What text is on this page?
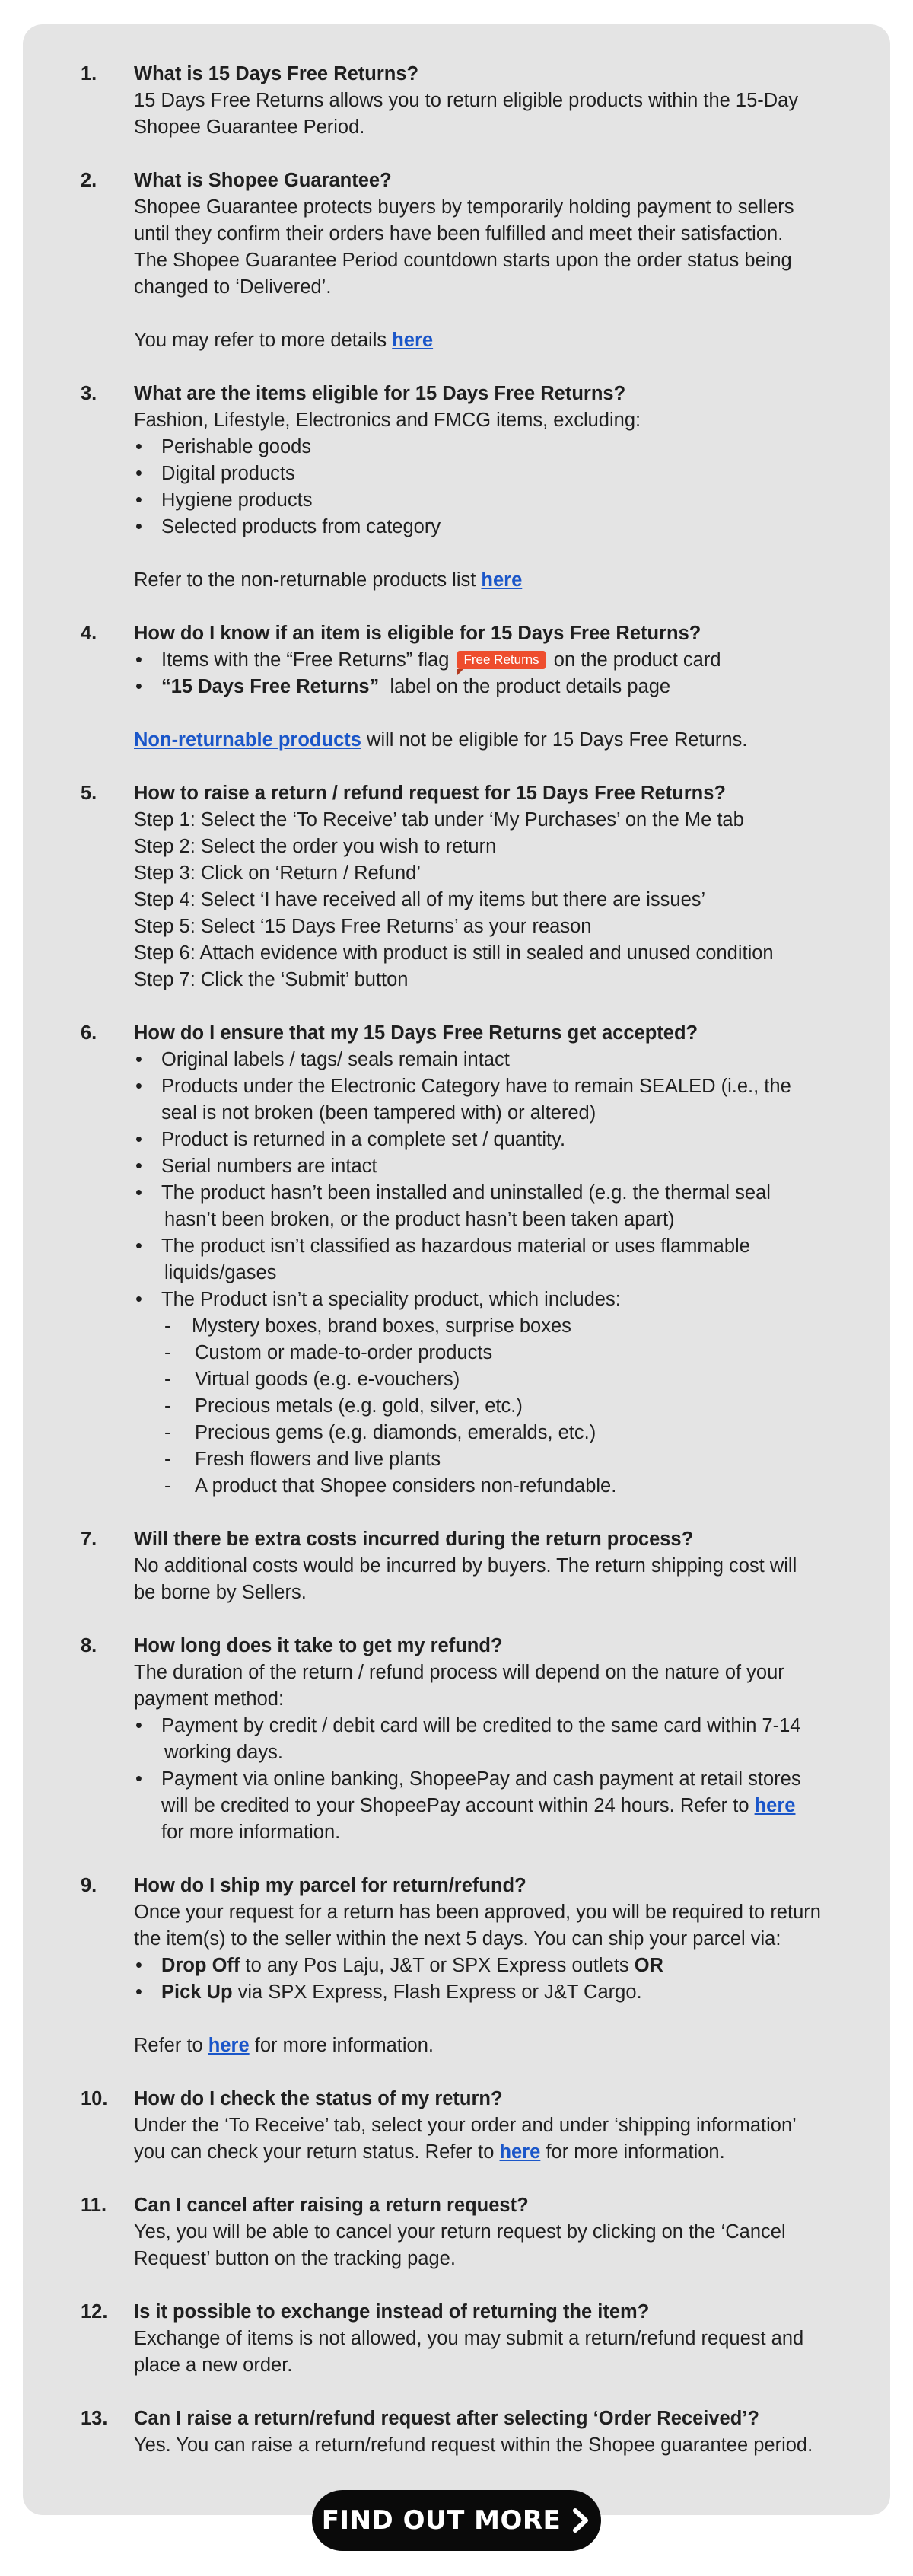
1. What is 15 Days Free Returns?
15 Days Free Returns allows you to return eligible products within the 15-Day
Shopee Guarantee Period.
2. What is Shopee Guarantee?
Shopee Guarantee protects buyers by temporarily holding payment to sellers
until they confirm their orders have been fulfilled and meet their satisfaction.
The Shopee Guarantee Period countdown starts upon the order status being
changed to ‘Delivered’.
You may refer to more details here
3. What are the items eligible for 15 Days Free Returns?
Fashion, Lifestyle, Electronics and FMCG items, excluding:
• Perishable goods
• Digital products
• Hygiene products
• Selected products from category
Refer to the non-returnable products list here
4. How do I know if an item is eligible for 15 Days Free Returns?
• Items with the “Free Returns” flag Free Returns on the product card
• “15 Days Free Returns” label on the product details page
Non-returnable products will not be eligible for 15 Days Free Returns.
5. How to raise a return / refund request for 15 Days Free Returns?
Step 1: Select the ‘To Receive’ tab under ‘My Purchases’ on the Me tab
Step 2: Select the order you wish to return
Step 3: Click on ‘Return / Refund’
Step 4: Select ‘I have received all of my items but there are issues’
Step 5: Select ‘15 Days Free Returns’ as your reason
Step 6: Attach evidence with product is still in sealed and unused condition
Step 7: Click the ‘Submit’ button
6. How do I ensure that my 15 Days Free Returns get accepted?
• Original labels / tags/ seals remain intact
• Products under the Electronic Category have to remain SEALED (i.e., the
seal is not broken (been tampered with) or altered)
• Product is returned in a complete set / quantity.
• Serial numbers are intact
• The product hasn’t been installed and uninstalled (e.g. the thermal seal
hasn’t been broken, or the product hasn’t been taken apart)
• The product isn’t classified as hazardous material or uses flammable
liquids/gases
• The Product isn’t a speciality product, which includes:
- Mystery boxes, brand boxes, surprise boxes
- Custom or made-to-order products
- Virtual goods (e.g. e-vouchers)
- Precious metals (e.g. gold, silver, etc.)
- Precious gems (e.g. diamonds, emeralds, etc.)
- Fresh flowers and live plants
- A product that Shopee considers non-refundable.
7. Will there be extra costs incurred during the return process?
No additional costs would be incurred by buyers. The return shipping cost will
be borne by Sellers.
8. How long does it take to get my refund?
The duration of the return / refund process will depend on the nature of your
payment method:
• Payment by credit / debit card will be credited to the same card within 7-14
working days.
• Payment via online banking, ShopeePay and cash payment at retail stores
will be credited to your ShopeePay account within 24 hours. Refer to here
for more information.
9. How do I ship my parcel for return/refund?
Once your request for a return has been approved, you will be required to return
the item(s) to the seller within the next 5 days. You can ship your parcel via:
• Drop Off to any Pos Laju, J&T or SPX Express outlets OR
• Pick Up via SPX Express, Flash Express or J&T Cargo.
Refer to here for more information.
10. How do I check the status of my return?
Under the ‘To Receive’ tab, select your order and under ‘shipping information’
you can check your return status. Refer to here for more information.
11. Can I cancel after raising a return request?
Yes, you will be able to cancel your return request by clicking on the ‘Cancel
Request’ button on the tracking page.
12. Is it possible to exchange instead of returning the item?
Exchange of items is not allowed, you may submit a return/refund request and
place a new order.
13. Can I raise a return/refund request after selecting ‘Order Received’?
Yes. You can raise a return/refund request within the Shopee guarantee period.
FIND OUT MORE
